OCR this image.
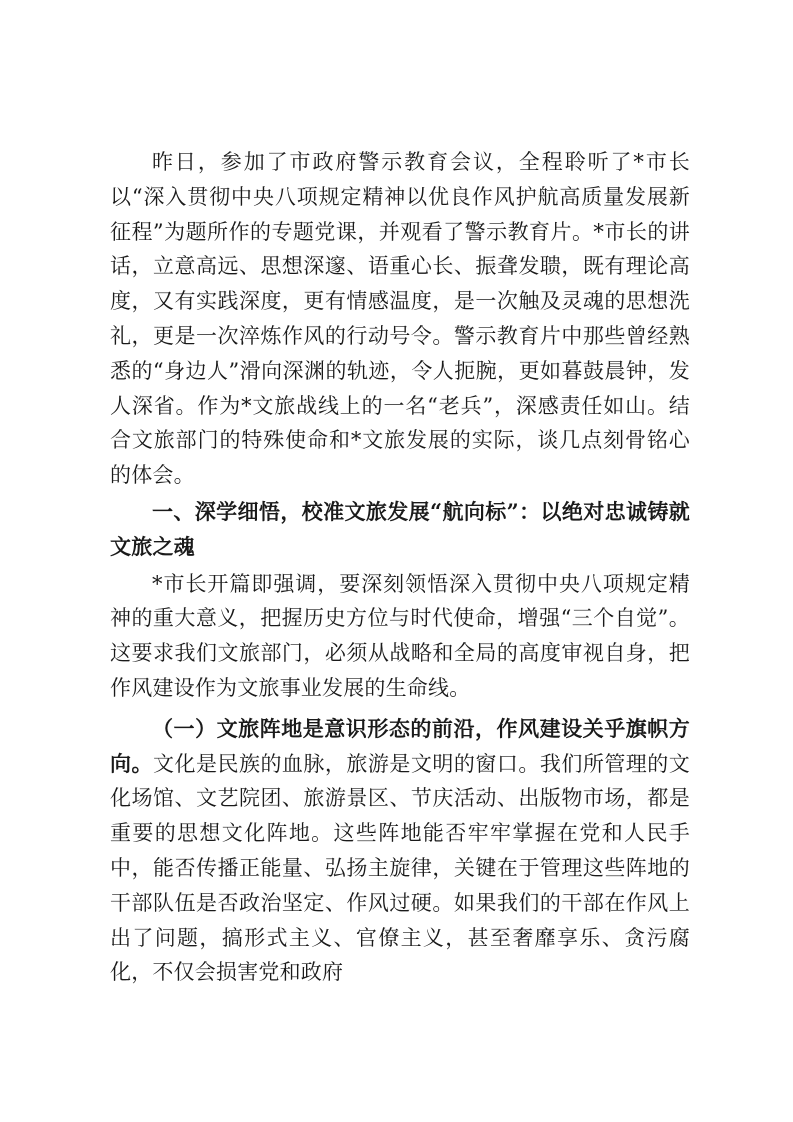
昨日，参加了市政府警示教育会议，全程聆听了*市长以“深入贯彻中央八项规定精神以优良作风护航高质量发展新征程”为题所作的专题党课，并观看了警示教育片。*市长的讲话，立意高远、思想深邃、语重心长、振聋发聩，既有理论高度，又有实践深度，更有情感温度，是一次触及灵魂的思想洗礼，更是一次淬炼作风的行动号令。警示教育片中那些曾经熟悉的“身边人”滑向深渊的轨迹，令人扼腕，更如暮鼓晨钟，发人深省。作为*文旅战线上的一名“老兵”，深感责任如山。结合文旅部门的特殊使命和*文旅发展的实际，谈几点刻骨铭心的体会。

一、深学细悟，校准文旅发展“航向标”：以绝对忠诚铸就文旅之魂

*市长开篇即强调，要深刻领悟深入贯彻中央八项规定精神的重大意义，把握历史方位与时代使命，增强“三个自觉”。这要求我们文旅部门，必须从战略和全局的高度审视自身，把作风建设作为文旅事业发展的生命线。

（一）文旅阵地是意识形态的前沿，作风建设关乎旗帜方向。文化是民族的血脉，旅游是文明的窗口。我们所管理的文化场馆、文艺院团、旅游景区、节庆活动、出版物市场，都是重要的思想文化阵地。这些阵地能否牢牢掌握在党和人民手中，能否传播正能量、弘扬主旋律，关键在于管理这些阵地的干部队伍是否政治坚定、作风过硬。如果我们的干部在作风上出了问题，搞形式主义、官僚主义，甚至奢靡享乐、贪污腐化，不仅会损害党和政府
